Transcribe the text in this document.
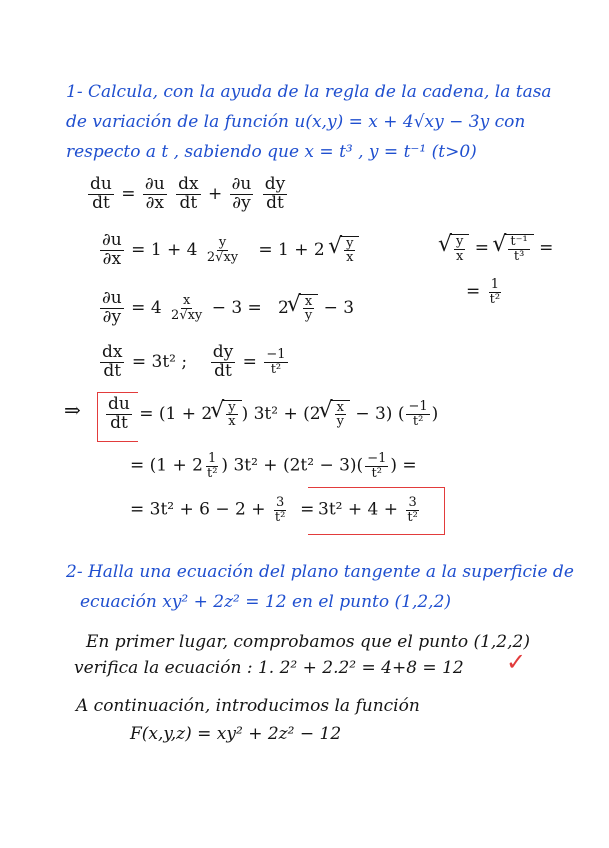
1- Calcula, con la ayuda de la regla de la cadena, la tasa
de variación de la función u(x,y) = x + 4√xy − 3y con
respecto a t , sabiendo que x = t³ , y = t⁻¹ (t>0)
$\frac{du}{dt} = \frac{\partial u}{\partial x}$
$\frac{dx}{dt} + \frac{\partial u}{\partial y}$
$\frac{dy}{dt}$
$\frac{\partial u}{\partial x} = 1 + 4 \frac{y}{2√xy} = 1 + 2$ √ $\frac{y}{x}$	√ $\frac{y}{x}$ = √ $\frac{\text{t⁻¹}}{\text{t³}}$ =
= $\frac{1}{\text{t²}}$
$\frac{\partial u}{\partial y} = 4 \frac{x}{2√xy} - 3 = 2$ √ $\frac{x}{y} - 3$
$\frac{dx}{dt} = 3t^2$ ; $\frac{dy}{dt} = \frac{-1}{\text{t²}}$
⇒ $\frac{du}{dt} = (1 + 2$ √ $\frac{y}{x}$ ) 3t² + (2 √ $\frac{x}{y} - 3$) ( $\frac{-1}{\text{t²}}$ )
= ($1 + 2 \frac{1}{\text{t²}}$ ) $3t^2 + (2t^2 - 3)( \frac{-1}{\text{t²}}$ ) =
= $3t^2 + 6 - 2 + \frac{3}{\text{t²}}$ =
$3t^2 + 4 + \frac{3}{\text{t²}}$
2- Halla una ecuación del plano tangente a la superficie de
ecuación xy² + 2z² = 12 en el punto (1,2,2)
En primer lugar, comprobamos que el punto (1,2,2)
verifica la ecuación : 1. 2² + 2.2² = 4+8 = 12 ✓
A continuación, introducimos la función
F(x,y,z) = xy² + 2z² − 12
